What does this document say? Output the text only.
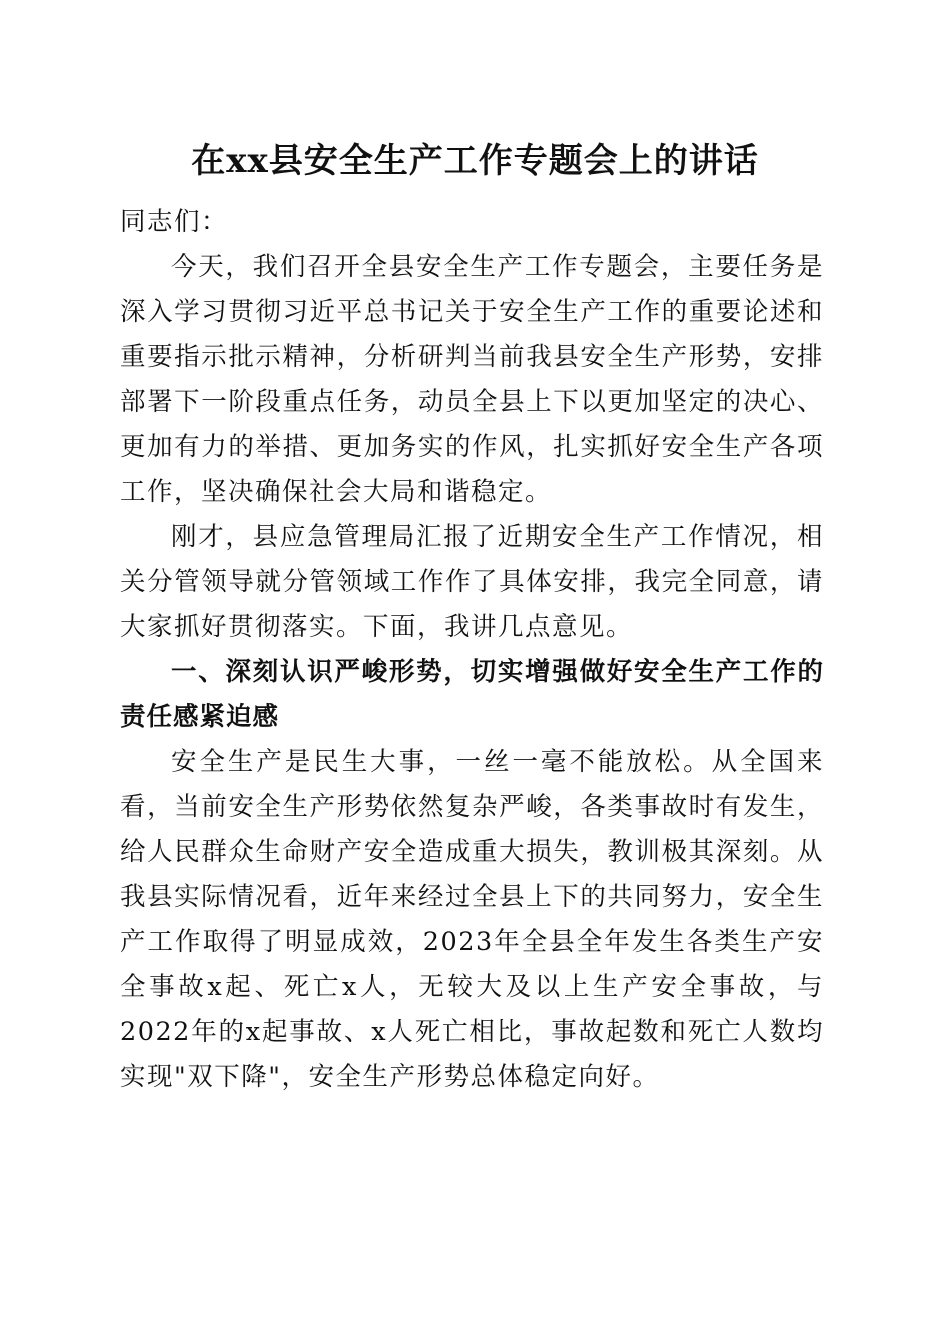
在xx县安全生产工作专题会上的讲话

同志们：

今天，我们召开全县安全生产工作专题会，主要任务是深入学习贯彻习近平总书记关于安全生产工作的重要论述和重要指示批示精神，分析研判当前我县安全生产形势，安排部署下一阶段重点任务，动员全县上下以更加坚定的决心、更加有力的举措、更加务实的作风，扎实抓好安全生产各项工作，坚决确保社会大局和谐稳定。

刚才，县应急管理局汇报了近期安全生产工作情况，相关分管领导就分管领域工作作了具体安排，我完全同意，请大家抓好贯彻落实。下面，我讲几点意见。

一、深刻认识严峻形势，切实增强做好安全生产工作的责任感紧迫感

安全生产是民生大事，一丝一毫不能放松。从全国来看，当前安全生产形势依然复杂严峻，各类事故时有发生，给人民群众生命财产安全造成重大损失，教训极其深刻。从我县实际情况看，近年来经过全县上下的共同努力，安全生产工作取得了明显成效，2023年全县全年发生各类生产安全事故x起、死亡x人，无较大及以上生产安全事故，与2022年的x起事故、x人死亡相比，事故起数和死亡人数均实现"双下降"，安全生产形势总体稳定向好。
